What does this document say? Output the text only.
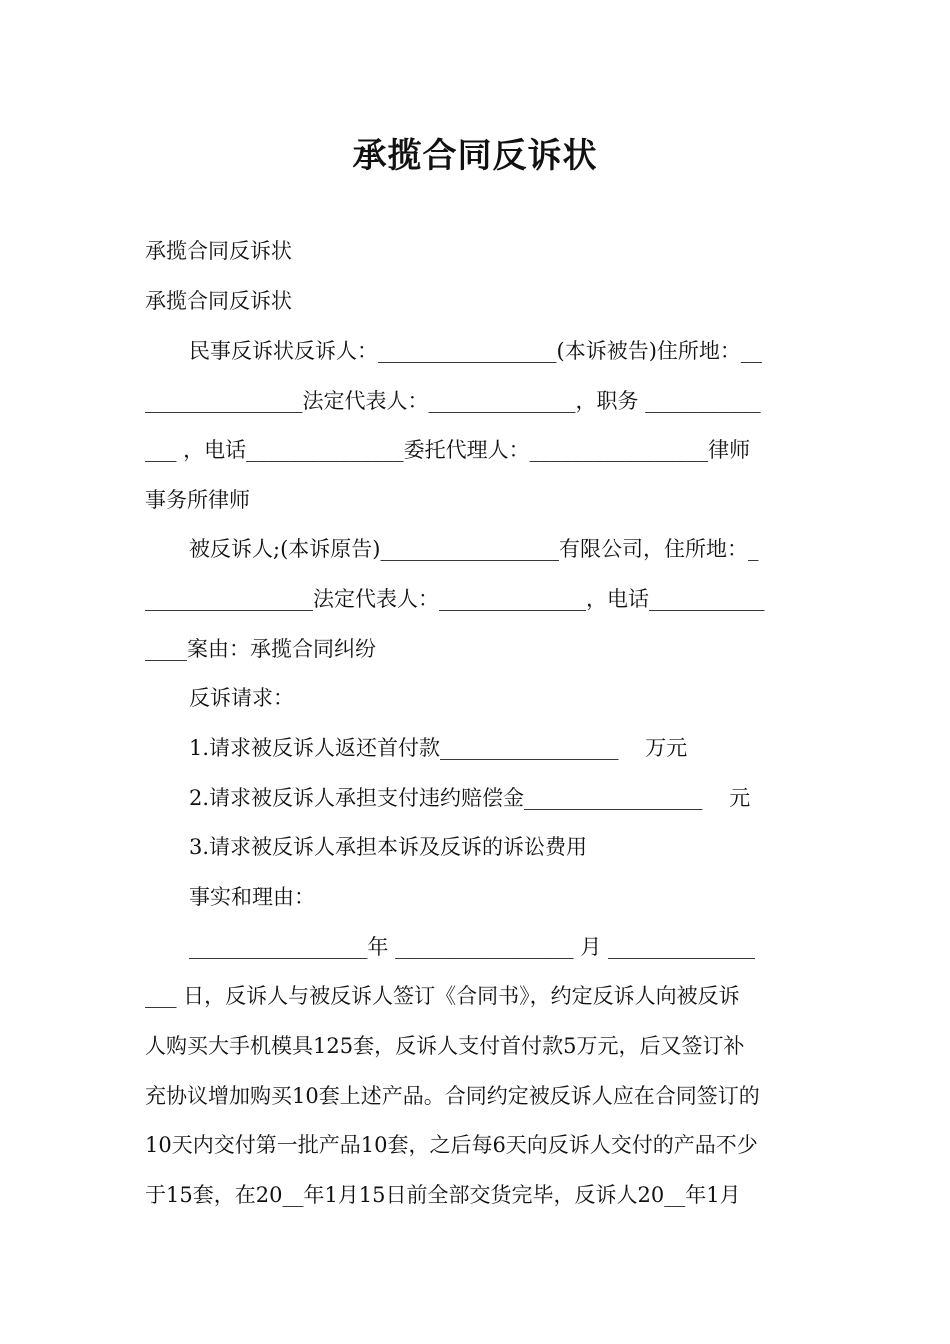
承揽合同反诉状
承揽合同反诉状
承揽合同反诉状
民事反诉状反诉人：_________________(本诉被告)住所地：__
_______________法定代表人：______________，职务 ___________
___ ，电话_______________委托代理人：_________________律师
事务所律师
被反诉人;(本诉原告)_________________有限公司，住所地：_
________________法定代表人：______________，电话___________
____案由：承揽合同纠纷
反诉请求：
1.请求被反诉人返还首付款_________________    万元
2.请求被反诉人承担支付违约赔偿金_________________    元
3.请求被反诉人承担本诉及反诉的诉讼费用
事实和理由：
_________________年 _________________ 月 ______________
___ 日，反诉人与被反诉人签订《合同书》，约定反诉人向被反诉
人购买大手机模具125套，反诉人支付首付款5万元，后又签订补
充协议增加购买10套上述产品。合同约定被反诉人应在合同签订的
10天内交付第一批产品10套，之后每6天向反诉人交付的产品不少
于15套，在20__年1月15日前全部交货完毕，反诉人20__年1月
